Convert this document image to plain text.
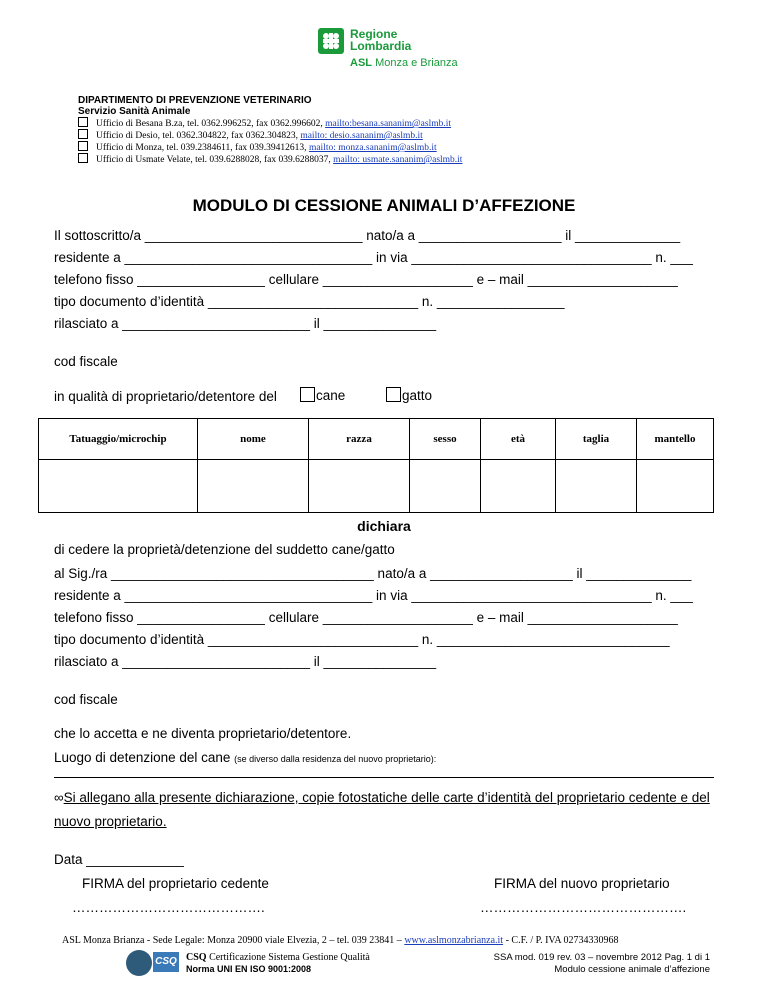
Regione
Lombardia
ASL Monza e Brianza
DIPARTIMENTO DI PREVENZIONE VETERINARIO
Servizio Sanità Animale
Ufficio di Besana B.za, tel. 0362.996252, fax 0362.996602, mailto:besana.sananim@aslmb.it
Ufficio di Desio, tel. 0362.304822, fax 0362.304823, mailto: desio.sananim@aslmb.it
Ufficio di Monza, tel. 039.2384611, fax 039.39412613, mailto: monza.sananim@aslmb.it
Ufficio di Usmate Velate, tel. 039.6288028, fax 039.6288037, mailto: usmate.sananim@aslmb.it
MODULO DI CESSIONE ANIMALI D’AFFEZIONE
Il sottoscritto/a _____________________________ nato/a a ___________________ il ______________
residente a _________________________________ in via ________________________________ n. ___
telefono fisso _________________ cellulare ____________________ e – mail ____________________
tipo documento d’identità ____________________________ n. _________________
rilasciato a _________________________ il _______________
cod fiscale
in qualità di proprietario/detentore del	cane	gatto
Tatuaggio/microchip	nome	razza	sesso	età	taglia	mantello

dichiara
di cedere la proprietà/detenzione del suddetto cane/gatto
al Sig./ra ___________________________________ nato/a a ___________________ il ______________
residente a _________________________________ in via ________________________________ n. ___
telefono fisso _________________ cellulare ____________________ e – mail ____________________
tipo documento d’identità ____________________________ n. _______________________________
rilasciato a _________________________ il _______________
cod fiscale
che lo accetta e ne diventa proprietario/detentore.
Luogo di detenzione del cane (se diverso dalla residenza del nuovo proprietario):
∞Si allegano alla presente dichiarazione, copie fotostatiche delle carte d’identità del proprietario cedente e del nuovo proprietario.
Data _____________
FIRMA del proprietario cedente	FIRMA del nuovo proprietario
…………………………………….	……………………………………….
ASL Monza Brianza - Sede Legale: Monza 20900 viale Elvezia, 2 – tel. 039 23841 – www.aslmonzabrianza.it - C.F. / P. IVA 02734330968
CSQ CSQ Certificazione Sistema Gestione Qualità
Norma UNI EN ISO 9001:2008
SSA mod. 019 rev. 03 – novembre 2012 Pag. 1 di 1
Modulo cessione animale d’affezione
